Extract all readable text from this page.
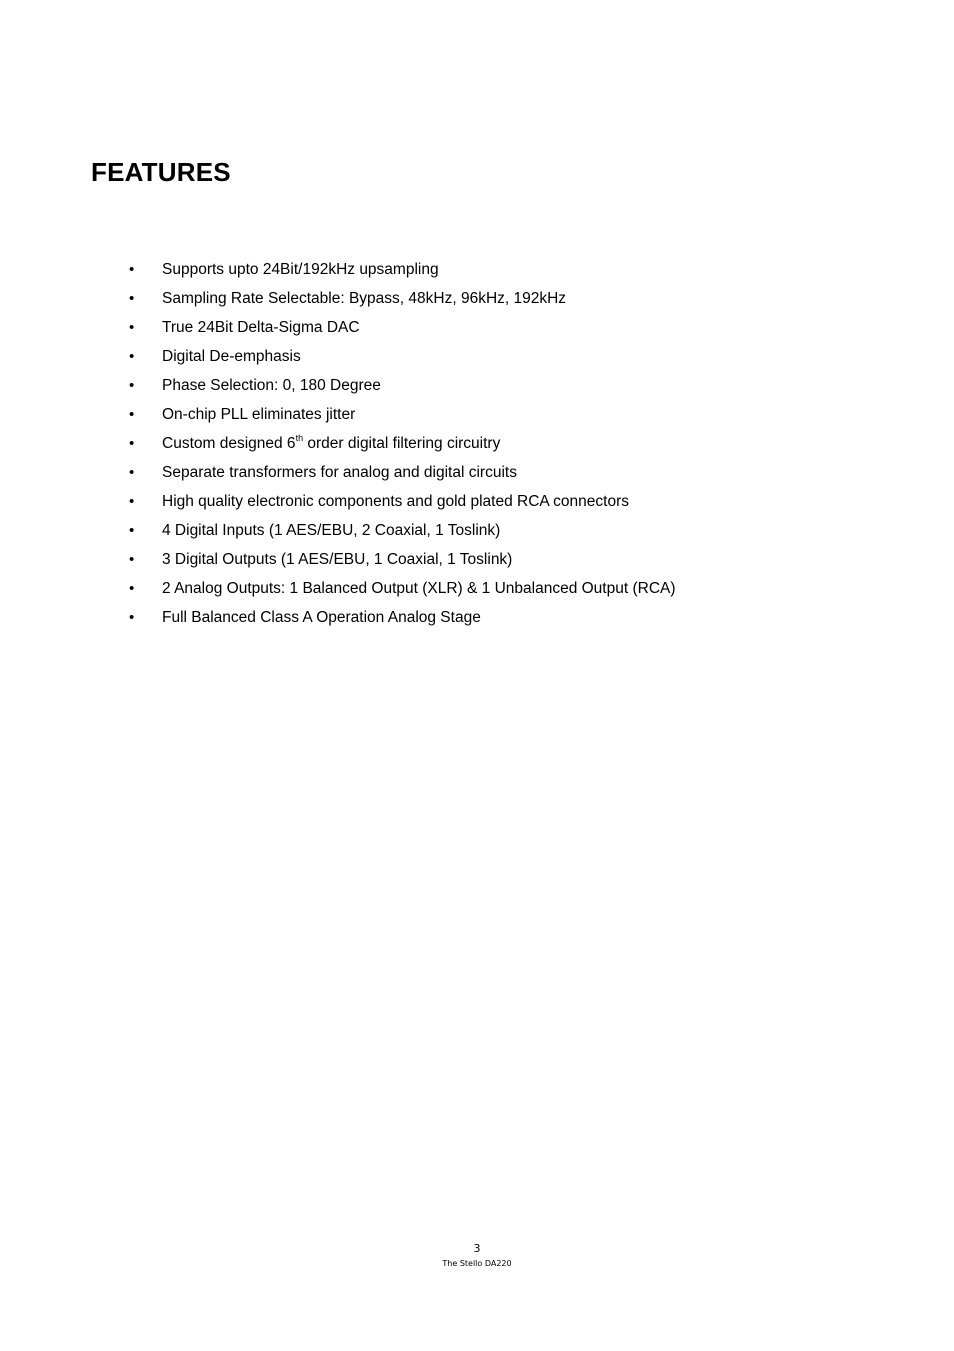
FEATURES
• Supports upto 24Bit/192kHz upsampling
• Sampling Rate Selectable: Bypass, 48kHz, 96kHz, 192kHz
• True 24Bit Delta-Sigma DAC
• Digital De-emphasis
• Phase Selection: 0, 180 Degree
• On-chip PLL eliminates jitter
• Custom designed 6th order digital filtering circuitry
• Separate transformers for analog and digital circuits
• High quality electronic components and gold plated RCA connectors
• 4 Digital Inputs (1 AES/EBU, 2 Coaxial, 1 Toslink)
• 3 Digital Outputs (1 AES/EBU, 1 Coaxial, 1 Toslink)
• 2 Analog Outputs: 1 Balanced Output (XLR) & 1 Unbalanced Output (RCA)
• Full Balanced Class A Operation Analog Stage
3
The Stello DA220
